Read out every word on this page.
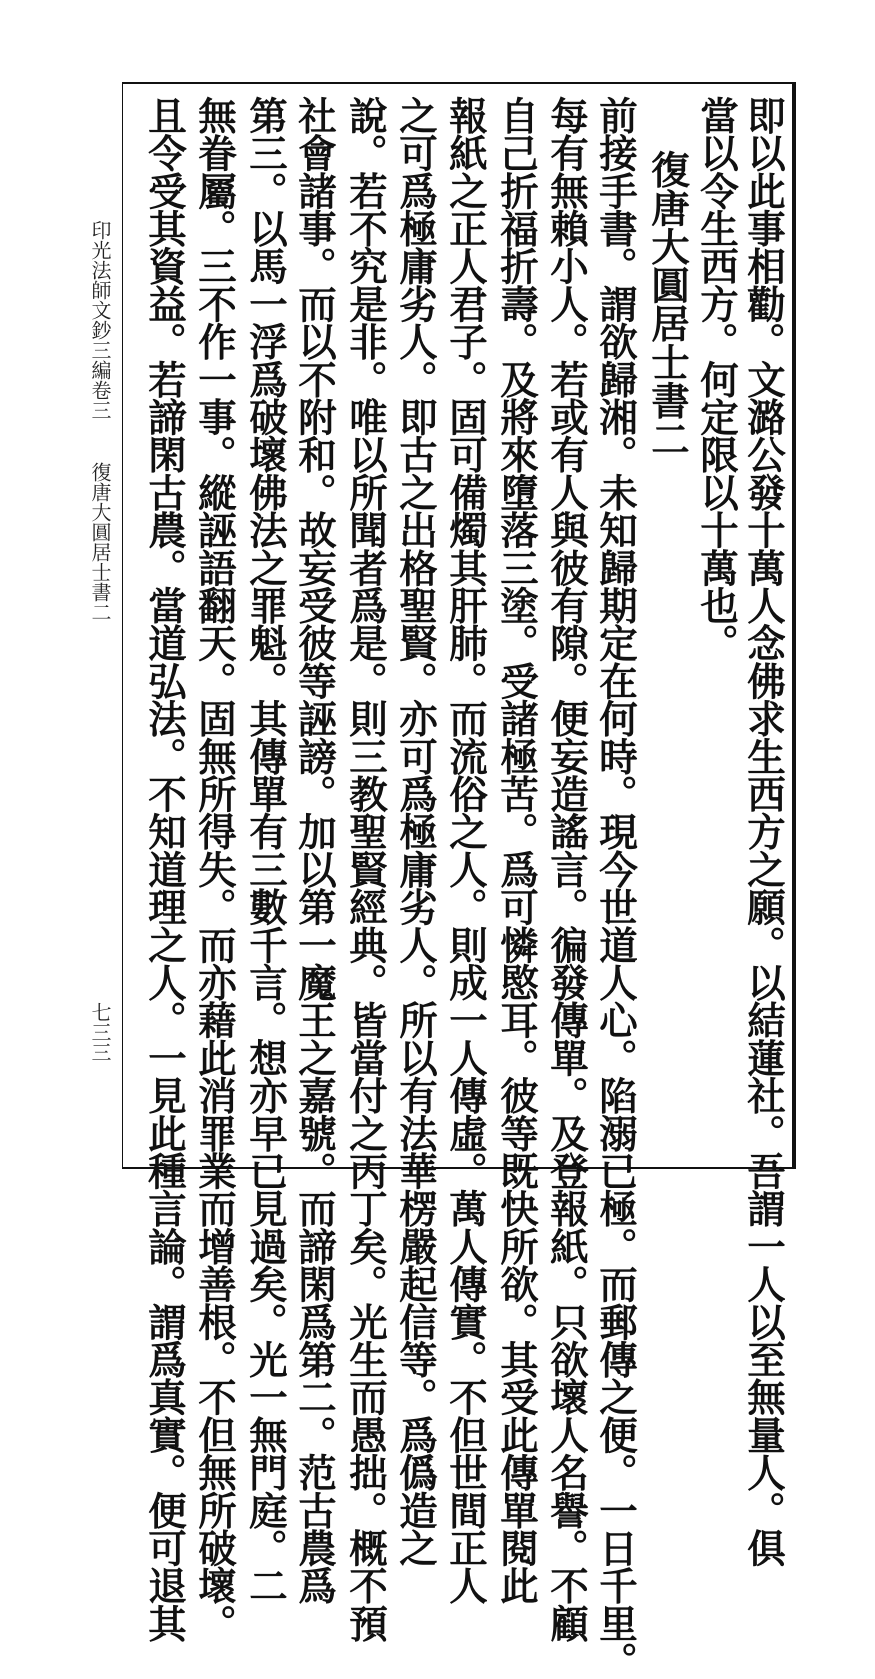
即以此事相勸。文潞公發十萬人念佛求生西方之願。以結蓮社。吾謂一人以至無量人。俱
當以令生西方。何定限以十萬也。
復唐大圓居士書二
前接手書。謂欲歸湘。未知歸期定在何時。現今世道人心。陷溺已極。而郵傳之便。一日千里。
每有無賴小人。若或有人與彼有隙。便妄造謠言。徧發傳單。及登報紙。只欲壞人名譽。不顧
自己折福折壽。及將來墮落三塗。受諸極苦。爲可憐愍耳。彼等既快所欲。其受此傳單閱此
報紙之正人君子。固可備燭其肝肺。而流俗之人。則成一人傳虛。萬人傳實。不但世間正人
之可爲極庸劣人。即古之出格聖賢。亦可爲極庸劣人。所以有法華楞嚴起信等。爲僞造之
說。若不究是非。唯以所聞者爲是。則三教聖賢經典。皆當付之丙丁矣。光生而愚拙。概不預
社會諸事。而以不附和。故妄受彼等誣謗。加以第一魔王之嘉號。而諦閑爲第二。范古農爲
第三。以馬一浮爲破壞佛法之罪魁。其傳單有三數千言。想亦早已見過矣。光一無門庭。二
無眷屬。三不作一事。縱誣語翻天。固無所得失。而亦藉此消罪業而增善根。不但無所破壞。
且令受其資益。若諦閑古農。當道弘法。不知道理之人。一見此種言論。謂爲真實。便可退其
印光法師文鈔三編卷三
復唐大圓居士書二
七三三
